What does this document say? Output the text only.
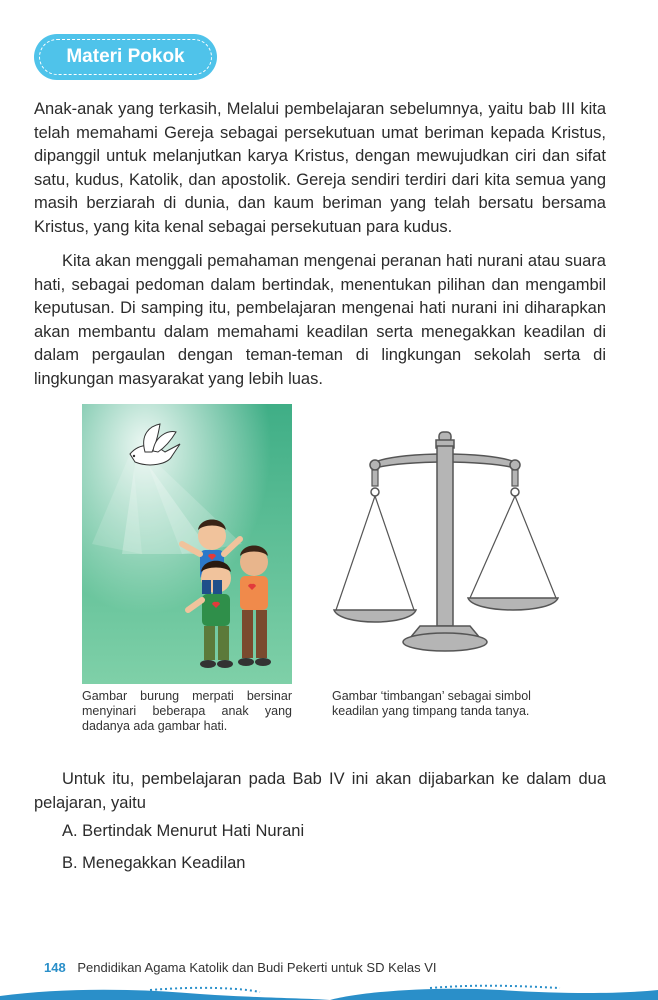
Materi Pokok

Anak-anak yang terkasih, Melalui pembelajaran sebelumnya, yaitu bab III kita telah memahami Gereja sebagai persekutuan umat beriman kepada Kristus, dipanggil untuk melanjutkan karya Kristus, dengan mewujudkan ciri dan sifat satu, kudus, Katolik, dan apostolik. Gereja sendiri terdiri dari kita semua yang masih berziarah di dunia, dan kaum beriman yang telah bersatu bersama Kristus, yang kita kenal sebagai persekutuan para kudus.

Kita akan menggali pemahaman mengenai peranan hati nurani atau suara hati, sebagai pedoman dalam bertindak, menentukan pilihan dan mengambil keputusan. Di samping itu, pembelajaran mengenai hati nurani ini diharapkan akan membantu dalam memahami keadilan serta menegakkan keadilan di dalam pergaulan dengan teman-teman di lingkungan sekolah serta di lingkungan masyarakat yang lebih luas.

Gambar burung merpati bersinar menyinari beberapa anak yang dadanya ada gambar hati.

Gambar ‘timbangan’ sebagai simbol keadilan yang timpang tanda tanya.

Untuk itu, pembelajaran pada Bab IV ini akan dijabarkan ke dalam dua pelajaran, yaitu

A. Bertindak Menurut Hati Nurani

B. Menegakkan Keadilan

148 Pendidikan Agama Katolik dan Budi Pekerti untuk SD Kelas VI
